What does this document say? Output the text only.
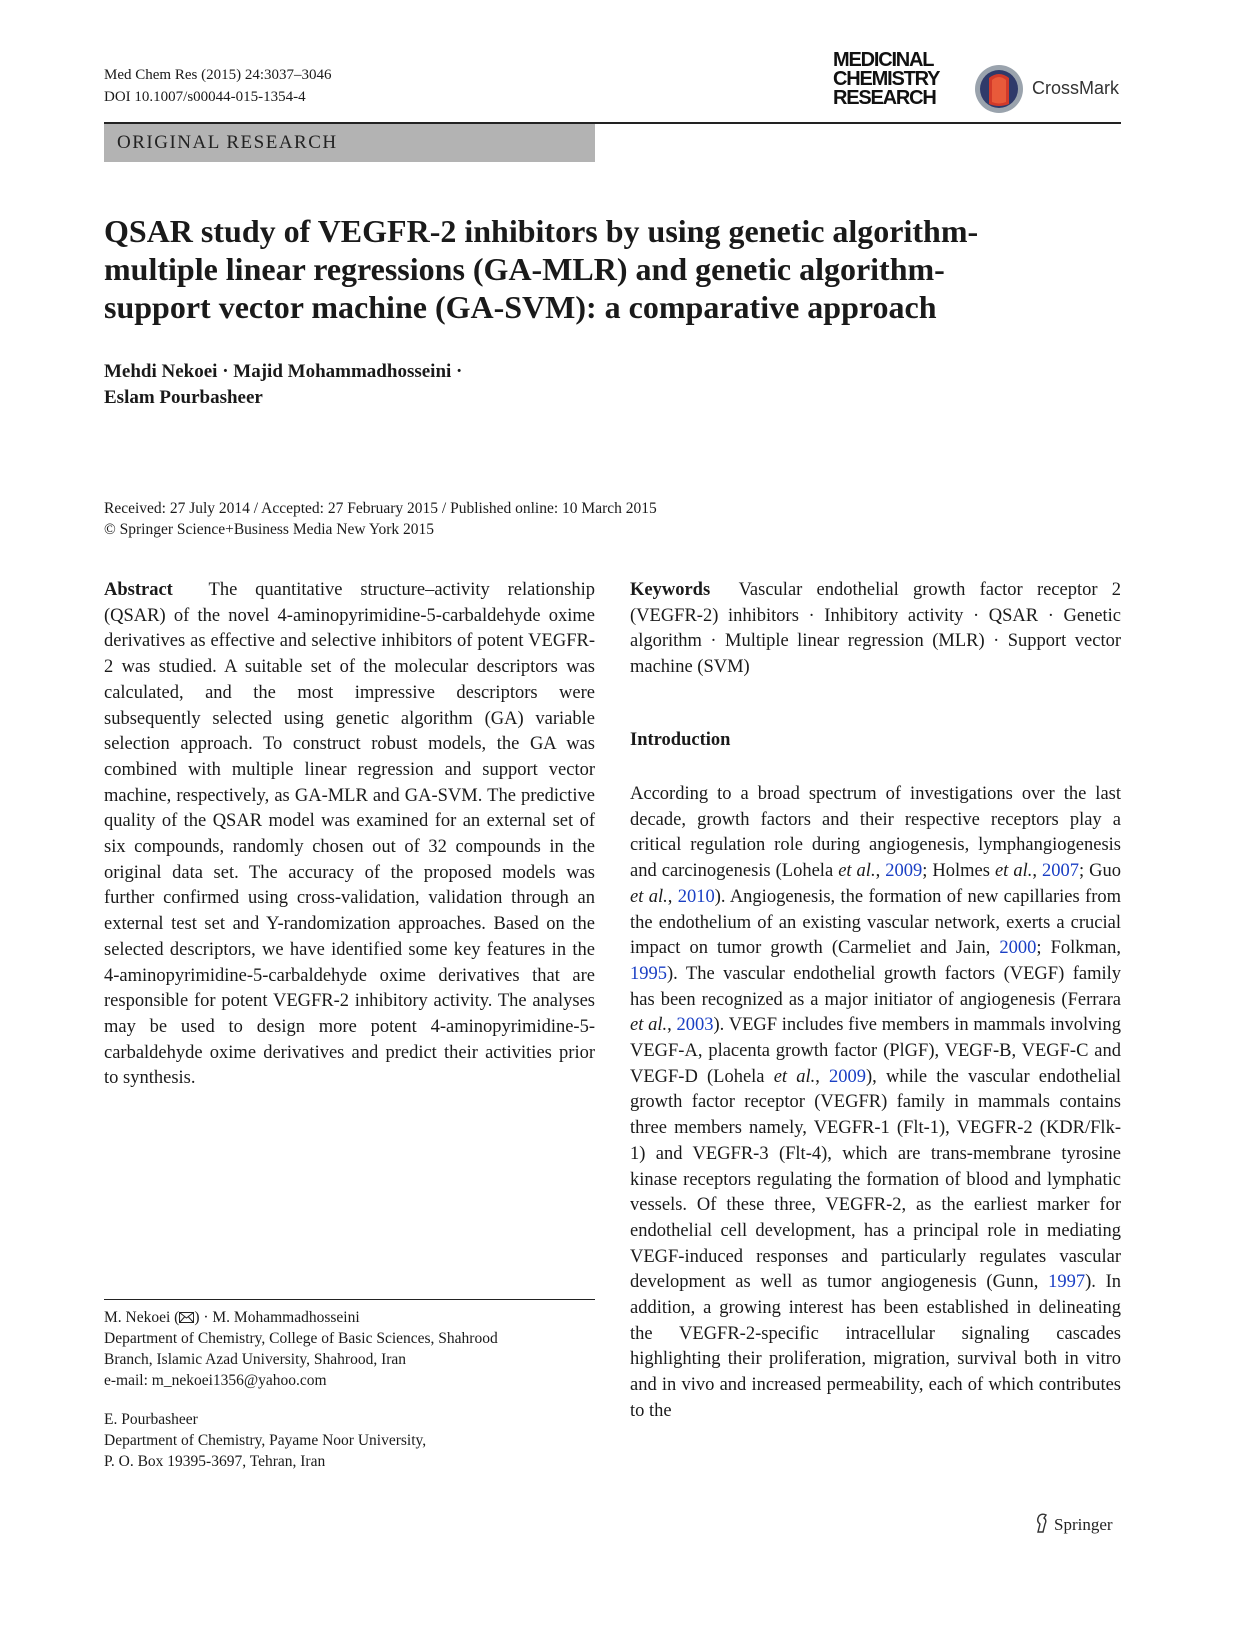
Med Chem Res (2015) 24:3037–3046
DOI 10.1007/s00044-015-1354-4
MEDICINAL
CHEMISTRY
RESEARCH	CrossMark
ORIGINAL RESEARCH
QSAR study of VEGFR-2 inhibitors by using genetic algorithm-
multiple linear regressions (GA-MLR) and genetic algorithm-
support vector machine (GA-SVM): a comparative approach
Mehdi Nekoei · Majid Mohammadhosseini ·
Eslam Pourbasheer
Received: 27 July 2014 / Accepted: 27 February 2015 / Published online: 10 March 2015
© Springer Science+Business Media New York 2015
Abstract The quantitative structure–activity relationship (QSAR) of the novel 4-aminopyrimidine-5-carbaldehyde oxime derivatives as effective and selective inhibitors of potent VEGFR-2 was studied. A suitable set of the molecular descriptors was calculated, and the most impressive descriptors were subsequently selected using genetic algorithm (GA) variable selection approach. To construct robust models, the GA was combined with multiple linear regression and support vector machine, respectively, as GA-MLR and GA-SVM. The predictive quality of the QSAR model was examined for an external set of six compounds, randomly chosen out of 32 compounds in the original data set. The accuracy of the proposed models was further confirmed using cross-validation, validation through an external test set and Y-randomization approaches. Based on the selected descriptors, we have identified some key features in the 4-aminopyrimidine-5-carbaldehyde oxime derivatives that are responsible for potent VEGFR-2 inhibitory activity. The analyses may be used to design more potent 4-aminopyrimidine-5-carbaldehyde oxime derivatives and predict their activities prior to synthesis.
Keywords Vascular endothelial growth factor receptor 2 (VEGFR-2) inhibitors · Inhibitory activity · QSAR · Genetic algorithm · Multiple linear regression (MLR) · Support vector machine (SVM)
Introduction
According to a broad spectrum of investigations over the last decade, growth factors and their respective receptors play a critical regulation role during angiogenesis, lymphangiogenesis and carcinogenesis (Lohela et al., 2009; Holmes et al., 2007; Guo et al., 2010). Angiogenesis, the formation of new capillaries from the endothelium of an existing vascular network, exerts a crucial impact on tumor growth (Carmeliet and Jain, 2000; Folkman, 1995). The vascular endothelial growth factors (VEGF) family has been recognized as a major initiator of angiogenesis (Ferrara et al., 2003). VEGF includes five members in mammals involving VEGF-A, placenta growth factor (PlGF), VEGF-B, VEGF-C and VEGF-D (Lohela et al., 2009), while the vascular endothelial growth factor receptor (VEGFR) family in mammals contains three members namely, VEGFR-1 (Flt-1), VEGFR-2 (KDR/Flk-1) and VEGFR-3 (Flt-4), which are trans-membrane tyrosine kinase receptors regulating the formation of blood and lymphatic vessels. Of these three, VEGFR-2, as the earliest marker for endothelial cell development, has a principal role in mediating VEGF-induced responses and particularly regulates vascular development as well as tumor angiogenesis (Gunn, 1997). In addition, a growing interest has been established in delineating the VEGFR-2-specific intracellular signaling cascades highlighting their proliferation, migration, survival both in vitro and in vivo and increased permeability, each of which contributes to the
M. Nekoei ( ) · M. Mohammadhosseini
Department of Chemistry, College of Basic Sciences, Shahrood
Branch, Islamic Azad University, Shahrood, Iran
e-mail: m_nekoei1356@yahoo.com
E. Pourbasheer
Department of Chemistry, Payame Noor University,
P. O. Box 19395-3697, Tehran, Iran
Springer
